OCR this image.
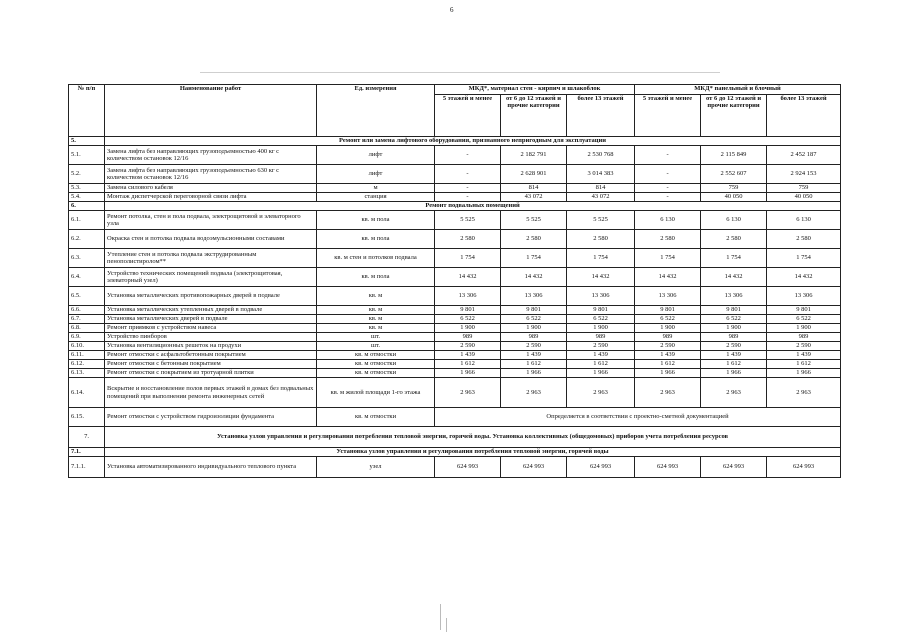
6
№ п/п	Наименование работ	Ед. измерения	МКД*, материал стен - кирпич и шлакоблок			МКД* панельный и блочный		
			5 этажей и менее	от 6 до 12 этажей и прочие категории	более 13 этажей	5 этажей и менее	от 6 до 12 этажей и прочие категории	более 13 этажей
5.	Ремонт или замена лифтового оборудования, признанного непригодным для эксплуатации							
5.1.	Замена лифта без направляющих грузоподъемностью 400 кг с количеством остановок 12/16	лифт	-	2 182 791	2 530 768	-	2 115 849	2 452 187
5.2.	Замена лифта без направляющих грузоподъемностью 630 кг с количеством остановок 12/16	лифт	-	2 628 901	3 014 383	-	2 552 607	2 924 153
5.3.	Замена силового кабеля	м	-	814	814	-	759	759
5.4.	Монтаж диспетчерской переговорной связи лифта	станция	-	43 072	43 072	-	40 050	40 050
6.	Ремонт подвальных помещений							
6.1.	Ремонт потолка, стен и пола подвала, электрощитовой и элеваторного узла	кв. м пола	5 525	5 525	5 525	6 130	6 130	6 130
6.2.	Окраска стен и потолка подвала водоэмульсионными составами	кв. м пола	2 580	2 580	2 580	2 580	2 580	2 580
6.3.	Утепление стен и потолка подвала экструдированным пенополистиролом**	кв. м стен и потолков подвала	1 754	1 754	1 754	1 754	1 754	1 754
6.4.	Устройство технических помещений подвала (электрощитовая, элеваторный узел)	кв. м пола	14 432	14 432	14 432	14 432	14 432	14 432
6.5.	Установка металлических противопожарных дверей в подвале	кв. м	13 306	13 306	13 306	13 306	13 306	13 306
6.6.	Установка металлических утепленных дверей в подвале	кв. м	9 801	9 801	9 801	9 801	9 801	9 801
6.7.	Установка металлических дверей в подвале	кв. м	6 522	6 522	6 522	6 522	6 522	6 522
6.8.	Ремонт приямков с устройством навеса	кв. м	1 900	1 900	1 900	1 900	1 900	1 900
6.9.	Устройство пинборов	шт.	989	989	989	989	989	989
6.10.	Установка вентиляционных решеток на продухи	шт.	2 590	2 590	2 590	2 590	2 590	2 590
6.11.	Ремонт отмостки с асфальтобетонным покрытием	кв. м отмостки	1 439	1 439	1 439	1 439	1 439	1 439
6.12.	Ремонт отмостки с бетонным покрытием	кв. м отмостки	1 612	1 612	1 612	1 612	1 612	1 612
6.13.	Ремонт отмостки с покрытием из тротуарной плитки	кв. м отмостки	1 966	1 966	1 966	1 966	1 966	1 966
6.14.	Вскрытие и восстановление полов первых этажей в домах без подвальных помещений при выполнении ремонта инженерных сетей	кв. м жилой площади 1-го этажа	2 963	2 963	2 963	2 963	2 963	2 963
6.15.	Ремонт отмостки с устройством гидроизоляции фундамента	кв. м отмостки	Определяется в соответствии с проектно-сметной документацией					
7.	Установка узлов управления и регулирования потребления тепловой энергии, горячей воды. Установка коллективных (общедомовых) приборов учета потребления ресурсов							
7.1.	Установка узлов управления и регулирования потребления тепловой энергии, горячей воды							
7.1.1.	Установка автоматизированного индивидуального теплового пункта	узел	624 993	624 993	624 993	624 993	624 993	624 993
